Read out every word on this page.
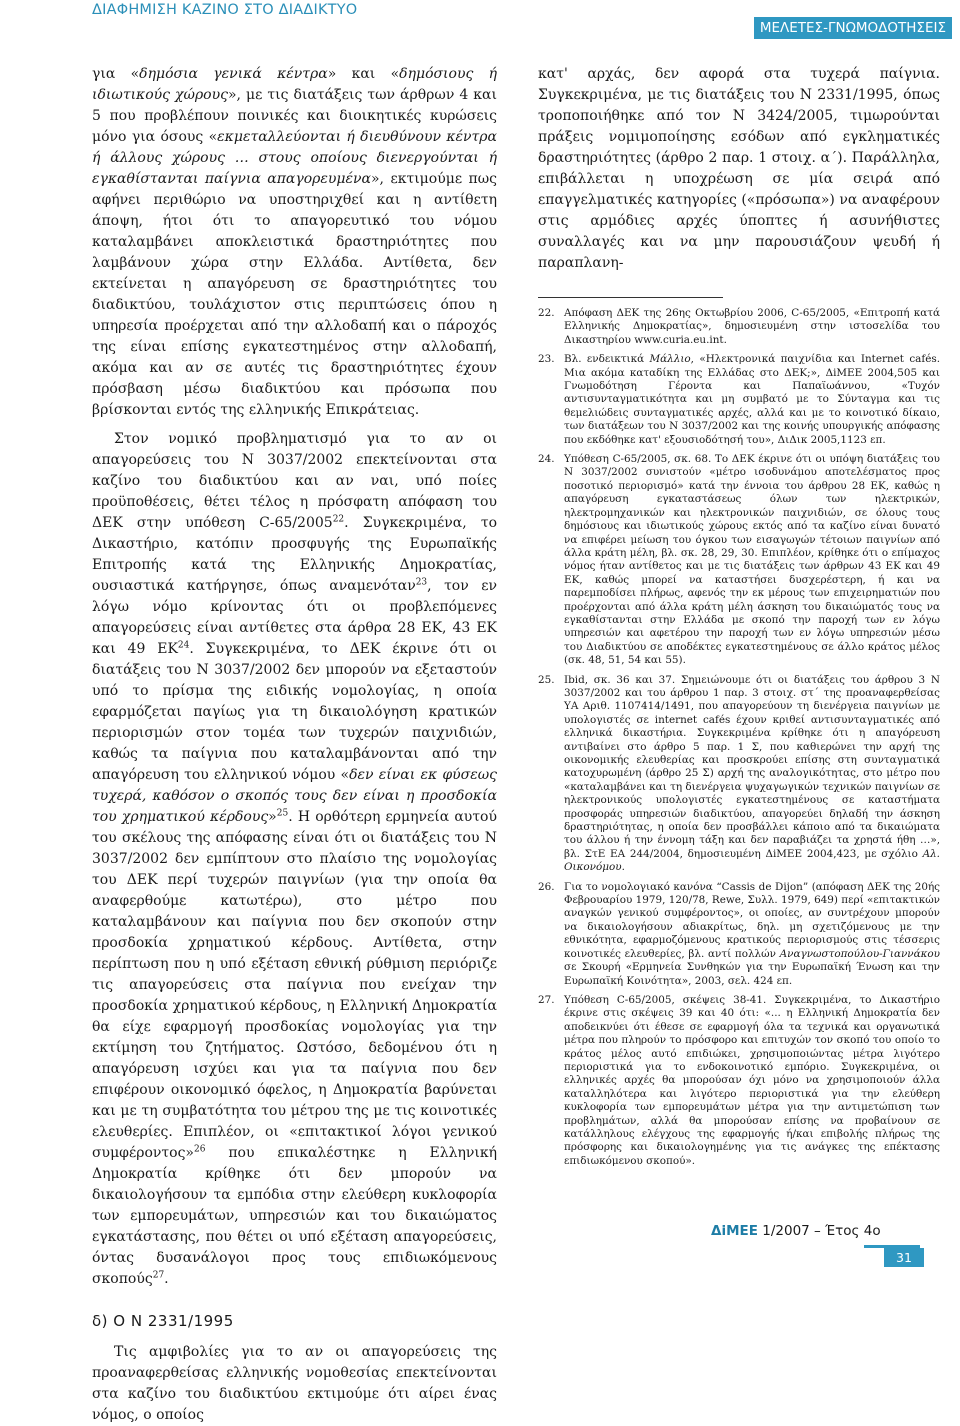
ΔΙΑΦΗΜΙΣΗ ΚΑΖΙΝΟ ΣΤΟ ΔΙΑΔΙΚΤΥΟ
ΜΕΛΕΤΕΣ-ΓΝΩΜΟΔΟΤΗΣΕΙΣ

για «δημόσια γενικά κέντρα» και «δημόσιους ή ιδιωτικούς χώρους», με τις διατάξεις των άρθρων 4 και 5 που προβλέπουν ποινικές και διοικητικές κυρώσεις μόνο για όσους «εκμεταλλεύονται ή διευθύνουν κέντρα ή άλλους χώρους … στους οποίους διενεργούνται ή εγκαθίστανται παίγνια απαγορευμένα», εκτιμούμε πως αφήνει περιθώριο να υποστηριχθεί και η αντίθετη άποψη, ήτοι ότι το απαγορευτικό του νόμου καταλαμβάνει αποκλειστικά δραστηριότητες που λαμβάνουν χώρα στην Ελλάδα. Αντίθετα, δεν εκτείνεται η απαγόρευση σε δραστηριότητες του διαδικτύου, τουλάχιστον στις περιπτώσεις όπου η υπηρεσία προέρχεται από την αλλοδαπή και ο πάροχός της είναι επίσης εγκατεστημένος στην αλλοδαπή, ακόμα και αν σε αυτές τις δραστηριότητες έχουν πρόσβαση μέσω διαδικτύου και πρόσωπα που βρίσκονται εντός της ελληνικής Επικράτειας.

Στον νομικό προβληματισμό για το αν οι απαγορεύσεις του Ν 3037/2002 επεκτείνονται στα καζίνο του διαδικτύου και αν ναι, υπό ποίες προϋποθέσεις, θέτει τέλος η πρόσφατη απόφαση του ΔΕΚ στην υπόθεση C-65/2005$^{22}$. Συγκεκριμένα, το Δικαστήριο, κατόπιν προσφυγής της Ευρωπαϊκής Επιτροπής κατά της Ελληνικής Δημοκρατίας, ουσιαστικά κατήργησε, όπως αναμενόταν$^{23}$, τον εν λόγω νόμο κρίνοντας ότι οι προβλεπόμενες απαγορεύσεις είναι αντίθετες στα άρθρα 28 ΕΚ, 43 ΕΚ και 49 ΕΚ$^{24}$. Συγκεκριμένα, το ΔΕΚ έκρινε ότι οι διατάξεις του Ν 3037/2002 δεν μπορούν να εξεταστούν υπό το πρίσμα της ειδικής νομολογίας, η οποία εφαρμόζεται παγίως για τη δικαιολόγηση κρατικών περιορισμών στον τομέα των τυχερών παιχνιδιών, καθώς τα παίγνια που καταλαμβάνονται από την απαγόρευση του ελληνικού νόμου «δεν είναι εκ φύσεως τυχερά, καθόσον ο σκοπός τους δεν είναι η προσδοκία του χρηματικού κέρδους»$^{25}$. Η ορθότερη ερμηνεία αυτού του σκέλους της απόφασης είναι ότι οι διατάξεις του Ν 3037/2002 δεν εμπίπτουν στο πλαίσιο της νομολογίας του ΔΕΚ περί τυχερών παιγνίων (για την οποία θα αναφερθούμε κατωτέρω), στο μέτρο που καταλαμβάνουν και παίγνια που δεν σκοπούν στην προσδοκία χρηματικού κέρδους. Αντίθετα, στην περίπτωση που η υπό εξέταση εθνική ρύθμιση περιόριζε τις απαγορεύσεις στα παίγνια που ενείχαν την προσδοκία χρηματικού κέρδους, η Ελληνική Δημοκρατία θα είχε εφαρμογή προσδοκίας νομολογίας για την εκτίμηση του ζητήματος. Ωστόσο, δεδομένου ότι η απαγόρευση ισχύει και για τα παίγνια που δεν επιφέρουν οικονομικό όφελος, η Δημοκρατία βαρύνεται και με τη συμβατότητα του μέτρου της με τις κοινοτικές ελευθερίες. Επιπλέον, οι «επιτακτικοί λόγοι γενικού συμφέροντος»$^{26}$ που επικαλέστηκε η Ελληνική Δημοκρατία κρίθηκε ότι δεν μπορούν να δικαιολογήσουν τα εμπόδια στην ελεύθερη κυκλοφορία των εμπορευμάτων, υπηρεσιών και του δικαιώματος εγκατάστασης, που θέτει οι υπό εξέταση απαγορεύσεις, όντας δυσανάλογοι προς τους επιδιωκόμενους σκοπούς$^{27}$.

δ) Ο Ν 2331/1995

Τις αμφιβολίες για το αν οι απαγορεύσεις της προαναφερθείσας ελληνικής νομοθεσίας επεκτείνονται στα καζίνο του διαδικτύου εκτιμούμε ότι αίρει ένας νόμος, ο οποίος

κατ' αρχάς, δεν αφορά στα τυχερά παίγνια. Συγκεκριμένα, με τις διατάξεις του Ν 2331/1995, όπως τροποποιήθηκε από τον Ν 3424/2005, τιμωρούνται πράξεις νομιμοποίησης εσόδων από εγκληματικές δραστηριότητες (άρθρο 2 παρ. 1 στοιχ. α΄). Παράλληλα, επιβάλλεται η υποχρέωση σε μία σειρά από επαγγελματικές κατηγορίες («πρόσωπα») να αναφέρουν στις αρμόδιες αρχές ύποπτες ή ασυνήθιστες συναλλαγές και να μην παρουσιάζουν ψευδή ή παραπλανη-

22. Απόφαση ΔΕΚ της 26ης Οκτωβρίου 2006, C-65/2005, «Επιτροπή κατά Ελληνικής Δημοκρατίας», δημοσιευμένη στην ιστοσελίδα του Δικαστηρίου www.curia.eu.int.
23. Βλ. ενδεικτικά Μάλλιο, «Ηλεκτρονικά παιχνίδια και Internet cafés. Μια ακόμα καταδίκη της Ελλάδας στο ΔΕΚ;», ΔiΜΕΕ 2004,505 και Γνωμοδότηση Γέροντα και Παπαϊωάννου, «Τυχόν αντισυνταγματικότητα και μη συμβατό με το Σύνταγμα και τις θεμελιώδεις συνταγματικές αρχές, αλλά και με το κοινοτικό δίκαιο, των διατάξεων του Ν 3037/2002 και της κοινής υπουργικής απόφασης που εκδόθηκε κατ' εξουσιοδότησή του», ΔιΔικ 2005,1123 επ.
24. Υπόθεση C-65/2005, σκ. 68. Το ΔΕΚ έκρινε ότι οι υπόψη διατάξεις του Ν 3037/2002 συνιστούν «μέτρο ισοδυνάμου αποτελέσματος προς ποσοτικό περιορισμό» κατά την έννοια του άρθρου 28 ΕΚ, καθώς η απαγόρευση εγκαταστάσεως όλων των ηλεκτρικών, ηλεκτρομηχανικών και ηλεκτρονικών παιχνιδιών, σε όλους τους δημόσιους και ιδιωτικούς χώρους εκτός από τα καζίνο είναι δυνατό να επιφέρει μείωση του όγκου των εισαγωγών τέτοιων παιγνίων από άλλα κράτη μέλη, βλ. σκ. 28, 29, 30. Επιπλέον, κρίθηκε ότι ο επίμαχος νόμος ήταν αντίθετος και με τις διατάξεις των άρθρων 43 ΕΚ και 49 ΕΚ, καθώς μπορεί να καταστήσει δυσχερέστερη, ή και να παρεμποδίσει πλήρως, αφενός την εκ μέρους των επιχειρηματιών που προέρχονται από άλλα κράτη μέλη άσκηση του δικαιώματός τους να εγκαθίστανται στην Ελλάδα με σκοπό την παροχή των εν λόγω υπηρεσιών και αφετέρου την παροχή των εν λόγω υπηρεσιών μέσω του Διαδικτύου σε αποδέκτες εγκατεστημένους σε άλλο κράτος μέλος (σκ. 48, 51, 54 και 55).
25. Ibid, σκ. 36 και 37. Σημειώνουμε ότι οι διατάξεις του άρθρου 3 Ν 3037/2002 και του άρθρου 1 παρ. 3 στοιχ. στ΄ της προαναφερθείσας ΥΑ Αριθ. 1107414/1491, που απαγορεύουν τη διενέργεια παιγνίων με υπολογιστές σε internet cafés έχουν κριθεί αντισυνταγματικές από ελληνικά δικαστήρια. Συγκεκριμένα κρίθηκε ότι η απαγόρευση αντιβαίνει στο άρθρο 5 παρ. 1 Σ, που καθιερώνει την αρχή της οικονομικής ελευθερίας και προσκρούει επίσης στη συνταγματικά κατοχυρωμένη (άρθρο 25 Σ) αρχή της αναλογικότητας, στο μέτρο που «καταλαμβάνει και τη διενέργεια ψυχαγωγικών τεχνικών παιγνίων σε ηλεκτρονικούς υπολογιστές εγκατεστημένους σε καταστήματα προσφοράς υπηρεσιών διαδικτύου, απαγορεύει δηλαδή την άσκηση δραστηριότητας, η οποία δεν προσβάλλει κάποιο από τα δικαιώματα του άλλου ή την έννομη τάξη και δεν παραβιάζει τα χρηστά ήθη …», βλ. ΣτΕ ΕΑ 244/2004, δημοσιευμένη ΔiΜΕΕ 2004,423, με σχόλιο Αλ. Οικονόμου.
26. Για το νομολογιακό κανόνα “Cassis de Dijon” (απόφαση ΔΕΚ της 20ής Φεβρουαρίου 1979, 120/78, Rewe, Συλλ. 1979, 649) περί «επιτακτικών αναγκών γενικού συμφέροντος», οι οποίες, αν συντρέχουν μπορούν να δικαιολογήσουν αδιακρίτως, δηλ. μη σχετιζόμενους με την εθνικότητα, εφαρμοζόμενους κρατικούς περιορισμούς στις τέσσερις κοινοτικές ελευθερίες, βλ. αντί πολλών Αναγνωστοπούλου-Γιαννάκου σε Σκουρή «Ερμηνεία Συνθηκών για την Ευρωπαϊκή Ένωση και την Ευρωπαϊκή Κοινότητα», 2003, σελ. 424 επ.
27. Υπόθεση C-65/2005, σκέψεις 38-41. Συγκεκριμένα, το Δικαστήριο έκρινε στις σκέψεις 39 και 40 ότι: «... η Ελληνική Δημοκρατία δεν αποδεικνύει ότι έθεσε σε εφαρμογή όλα τα τεχνικά και οργανωτικά μέτρα που πληρούν το πρόσφορο και επιτυχών τον σκοπό του οποίο το κράτος μέλος αυτό επιδιώκει, χρησιμοποιώντας μέτρα λιγότερο περιοριστικά για το ενδοκοινοτικό εμπόριο. Συγκεκριμένα, οι ελληνικές αρχές θα μπορούσαν όχι μόνο να χρησιμοποιούν άλλα καταλληλότερα και λιγότερο περιοριστικά για την ελεύθερη κυκλοφορία των εμπορευμάτων μέτρα για την αντιμετώπιση των προβλημάτων, αλλά θα μπορούσαν επίσης να προβαίνουν σε κατάλληλους ελέγχους της εφαρμογής ή/και επιβολής πλήρως της πρόσφορης και δικαιολογημένης για τις ανάγκες της επέκτασης επιδιωκόμενου σκοπού».
ΔiΜΕΕ 1/2007 – Έτος 4ο
31
